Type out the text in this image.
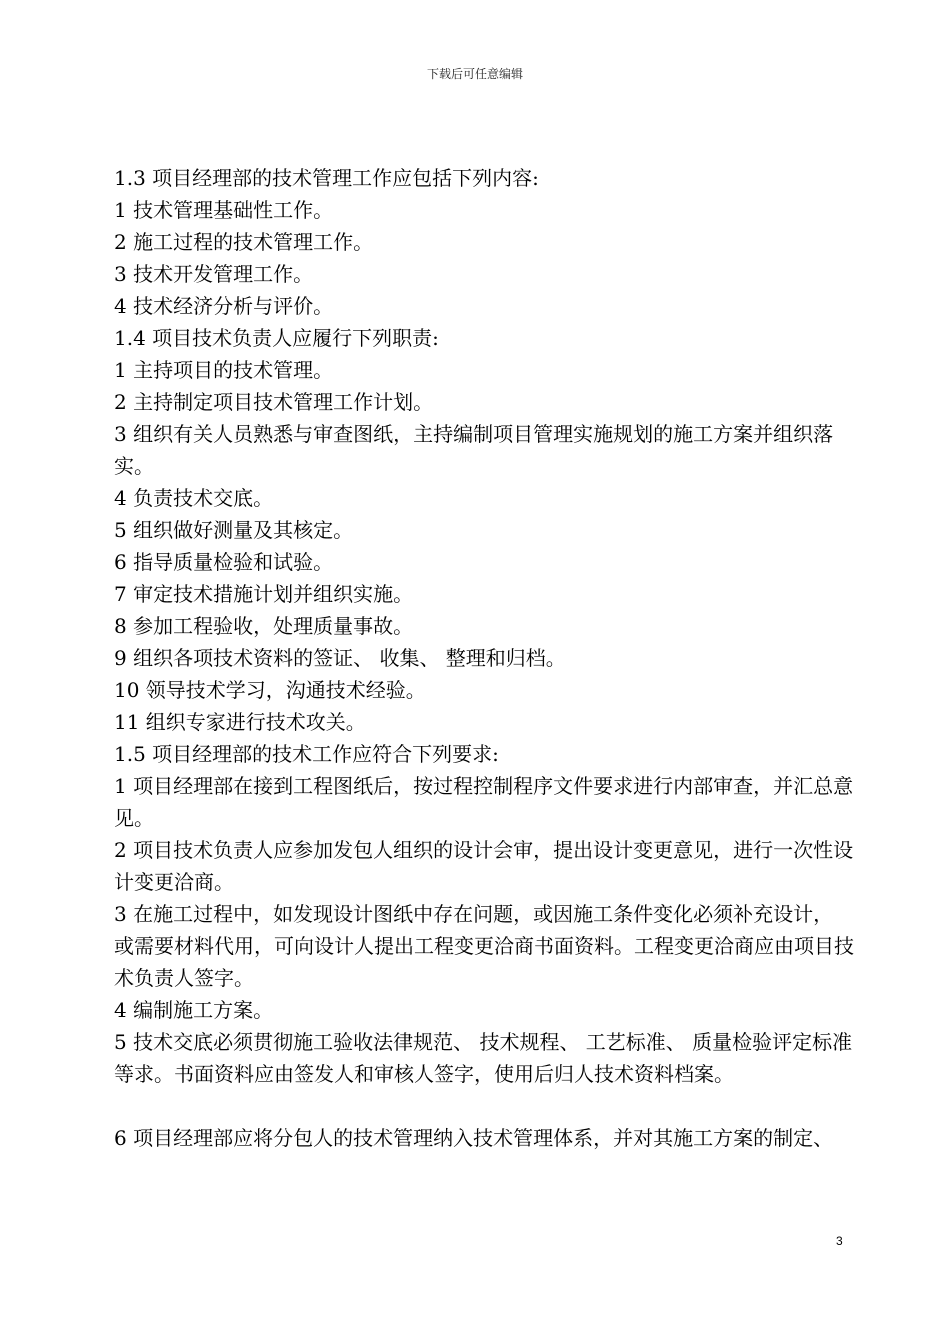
下载后可任意编辑

1.3 项目经理部的技术管理工作应包括下列内容:

1 技术管理基础性工作。

2 施工过程的技术管理工作。

3 技术开发管理工作。

4 技术经济分析与评价。

1.4 项目技术负责人应履行下列职责:

1 主持项目的技术管理。

2 主持制定项目技术管理工作计划。

3 组织有关人员熟悉与审查图纸，主持编制项目管理实施规划的施工方案并组织落实。

4 负责技术交底。

5 组织做好测量及其核定。

6 指导质量检验和试验。

7 审定技术措施计划并组织实施。

8 参加工程验收，处理质量事故。

9 组织各项技术资料的签证、 收集、 整理和归档。

10 领导技术学习，沟通技术经验。

11 组织专家进行技术攻关。

1.5 项目经理部的技术工作应符合下列要求:

1 项目经理部在接到工程图纸后，按过程控制程序文件要求进行内部审查，并汇总意见。

2 项目技术负责人应参加发包人组织的设计会审，提出设计变更意见，进行一次性设计变更洽商。

3 在施工过程中，如发现设计图纸中存在问题，或因施工条件变化必须补充设计， 或需要材料代用，可向设计人提出工程变更洽商书面资料。工程变更洽商应由项目技术负责人签字。

4 编制施工方案。

5 技术交底必须贯彻施工验收法律规范、 技术规程、 工艺标准、 质量检验评定标准等求。书面资料应由签发人和审核人签字，使用后归人技术资料档案。

6 项目经理部应将分包人的技术管理纳入技术管理体系，并对其施工方案的制定、

3
